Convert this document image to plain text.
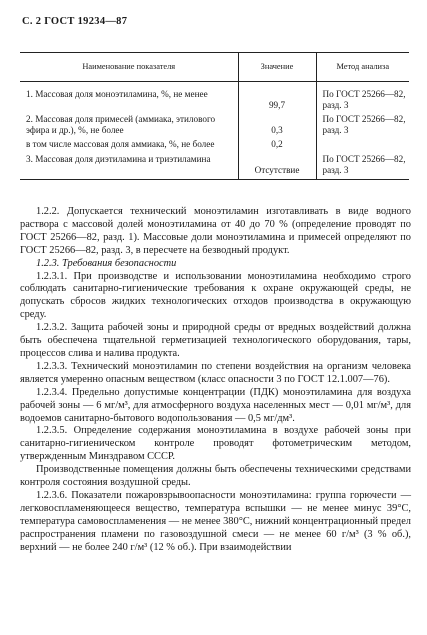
С. 2 ГОСТ 19234—87
Наименование показателя	Значение	Метод анализа
1. Массовая доля моноэтиламина, %, не менее	99,7	По ГОСТ 25266—82, разд. 3
2. Массовая доля примесей (аммиака, этилового эфира и др.), %, не более	0,3	По ГОСТ 25266—82, разд. 3
в том числе массовая доля аммиака, %, не более	0,2	
3. Массовая доля диэтиламина и триэтиламина	Отсутствие	По ГОСТ 25266—82, разд. 3

1.2.2. Допускается технический моноэтиламин изготавливать в виде водного раствора с массовой долей моноэтиламина от 40 до 70 % (определение проводят по ГОСТ 25266—82, разд. 1). Массовые доли моноэтиламина и примесей определяют по ГОСТ 25266—82, разд. 3, в пересчете на безводный продукт.

1.2.3. Требования безопасности

1.2.3.1. При производстве и использовании моноэтиламина необходимо строго соблюдать санитарно-гигиенические требования к охране окружающей среды, не допускать сбросов жидких технологических отходов производства в окружающую среду.

1.2.3.2. Защита рабочей зоны и природной среды от вредных воздействий должна быть обеспечена тщательной герметизацией технологического оборудования, тары, процессов слива и налива продукта.

1.2.3.3. Технический моноэтиламин по степени воздействия на организм человека является умеренно опасным веществом (класс опасности 3 по ГОСТ 12.1.007—76).

1.2.3.4. Предельно допустимые концентрации (ПДК) моноэтиламина для воздуха рабочей зоны — 6 мг/м³, для атмосферного воздуха населенных мест — 0,01 мг/м³, для водоемов санитарно-бытового водопользования — 0,5 мг/дм³.

1.2.3.5. Определение содержания моноэтиламина в воздухе рабочей зоны при санитарно-гигиеническом контроле проводят фотометрическим методом, утвержденным Минздравом СССР.

Производственные помещения должны быть обеспечены техническими средствами контроля состояния воздушной среды.

1.2.3.6. Показатели пожаровзрывоопасности моноэтиламина: группа горючести — легковоспламеняющееся вещество, температура вспышки — не менее минус 39°С, температура самовоспламенения — не менее 380°С, нижний концентрационный предел распространения пламени по газовоздушной смеси — не менее 60 г/м³ (3 % об.), верхний — не более 240 г/м³ (12 % об.). При взаимодействии
